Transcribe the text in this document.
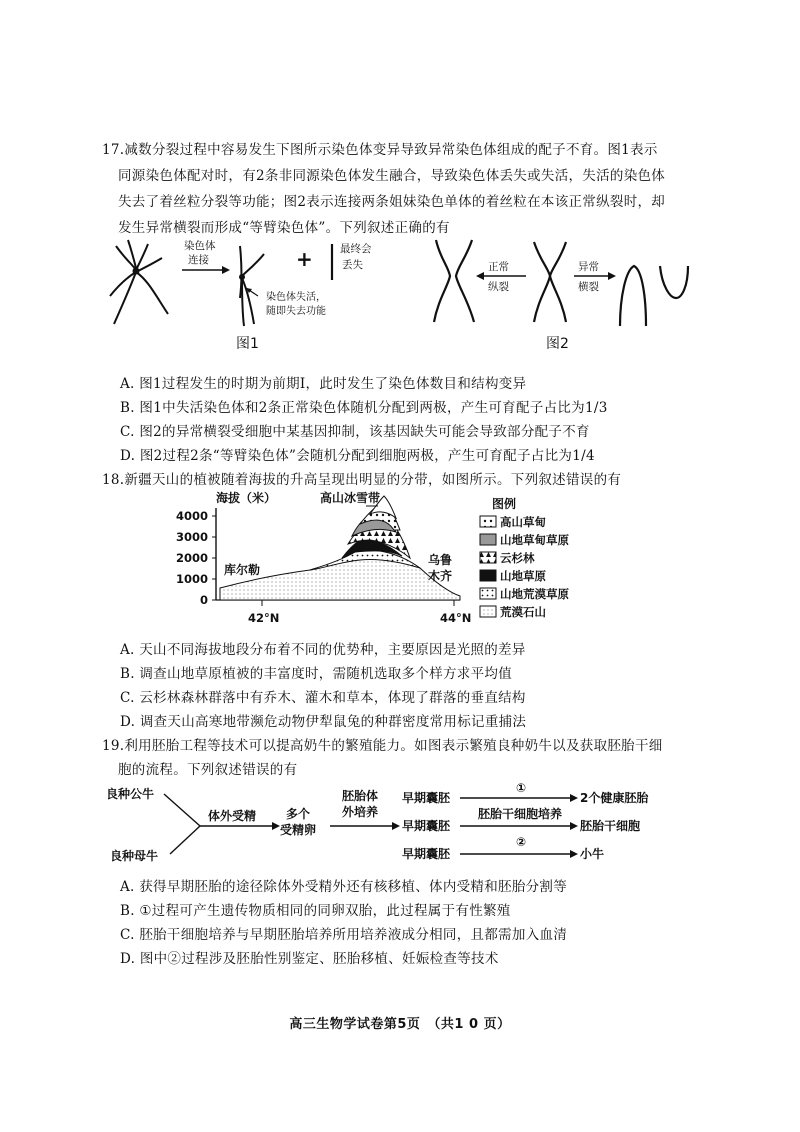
17.减数分裂过程中容易发生下图所示染色体变异导致异常染色体组成的配子不育。图1表示
同源染色体配对时，有2条非同源染色体发生融合，导致染色体丢失或失活，失活的染色体
失去了着丝粒分裂等功能；图2表示连接两条姐妹染色单体的着丝粒在本该正常纵裂时，却
发生异常横裂而形成“等臂染色体”。下列叙述正确的有
染色体
连接	+	最终会
丢失
染色体失活，
随即失去功能
图1
正常
纵裂
异常
横裂
图2
A. 图1过程发生的时期为前期I，此时发生了染色体数目和结构变异
B. 图1中失活染色体和2条正常染色体随机分配到两极，产生可育配子占比为1/3
C. 图2的异常横裂受细胞中某基因抑制，该基因缺失可能会导致部分配子不育
D. 图2过程2条“等臂染色体”会随机分配到细胞两极，产生可育配子占比为1/4
18.新疆天山的植被随着海拔的升高呈现出明显的分带，如图所示。下列叙述错误的有
海拔（米）
4000
3000
2000
1000
0
42°N	44°N
高山冰雪带
库尔勒
乌鲁
木齐
图例
高山草甸
山地草甸草原
云杉林
山地草原
山地荒漠草原
荒漠石山
A. 天山不同海拔地段分布着不同的优势种，主要原因是光照的差异
B. 调查山地草原植被的丰富度时，需随机选取多个样方求平均值
C. 云杉林森林群落中有乔木、灌木和草本，体现了群落的垂直结构
D. 调查天山高寒地带濒危动物伊犁鼠兔的种群密度常用标记重捕法
19.利用胚胎工程等技术可以提高奶牛的繁殖能力。如图表示繁殖良种奶牛以及获取胚胎干细
胞的流程。下列叙述错误的有
良种公牛
良种母牛
体外受精 多个
受精卵
胚胎体
外培养
早期囊胚
早期囊胚
早期囊胚
①
2个健康胚胎
胚胎干细胞培养
胚胎干细胞
②
小牛
A. 获得早期胚胎的途径除体外受精外还有核移植、体内受精和胚胎分割等
B. ①过程可产生遗传物质相同的同卵双胎，此过程属于有性繁殖
C. 胚胎干细胞培养与早期胚胎培养所用培养液成分相同，且都需加入血清
D. 图中②过程涉及胚胎性别鉴定、胚胎移植、妊娠检查等技术
高三生物学试卷第5页　（共1 0 页）
